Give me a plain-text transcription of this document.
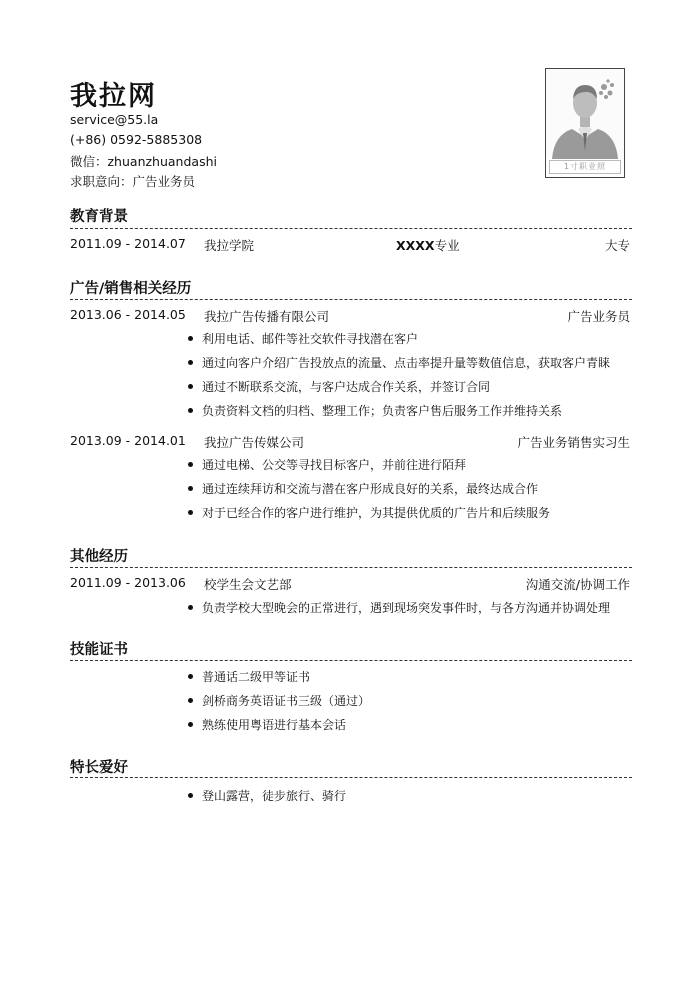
我拉网
service@55.la
(+86) 0592-5885308
微信：zhuanzhuandashi
求职意向：广告业务员
1寸职业照
教育背景
2011.09 - 2014.07 我拉学院	XXXX专业	大专
广告/销售相关经历
2013.06 - 2014.05 我拉广告传播有限公司	广告业务员
利用电话、邮件等社交软件寻找潜在客户
通过向客户介绍广告投放点的流量、点击率提升量等数值信息，获取客户青睐
通过不断联系交流，与客户达成合作关系，并签订合同
负责资料文档的归档、整理工作；负责客户售后服务工作并维持关系
2013.09 - 2014.01 我拉广告传媒公司	广告业务销售实习生
通过电梯、公交等寻找目标客户，并前往进行陌拜
通过连续拜访和交流与潜在客户形成良好的关系，最终达成合作
对于已经合作的客户进行维护，为其提供优质的广告片和后续服务
其他经历
2011.09 - 2013.06 校学生会文艺部	沟通交流/协调工作
负责学校大型晚会的正常进行，遇到现场突发事件时，与各方沟通并协调处理
技能证书
普通话二级甲等证书
剑桥商务英语证书三级（通过）
熟练使用粤语进行基本会话
特长爱好
登山露营，徒步旅行、骑行
